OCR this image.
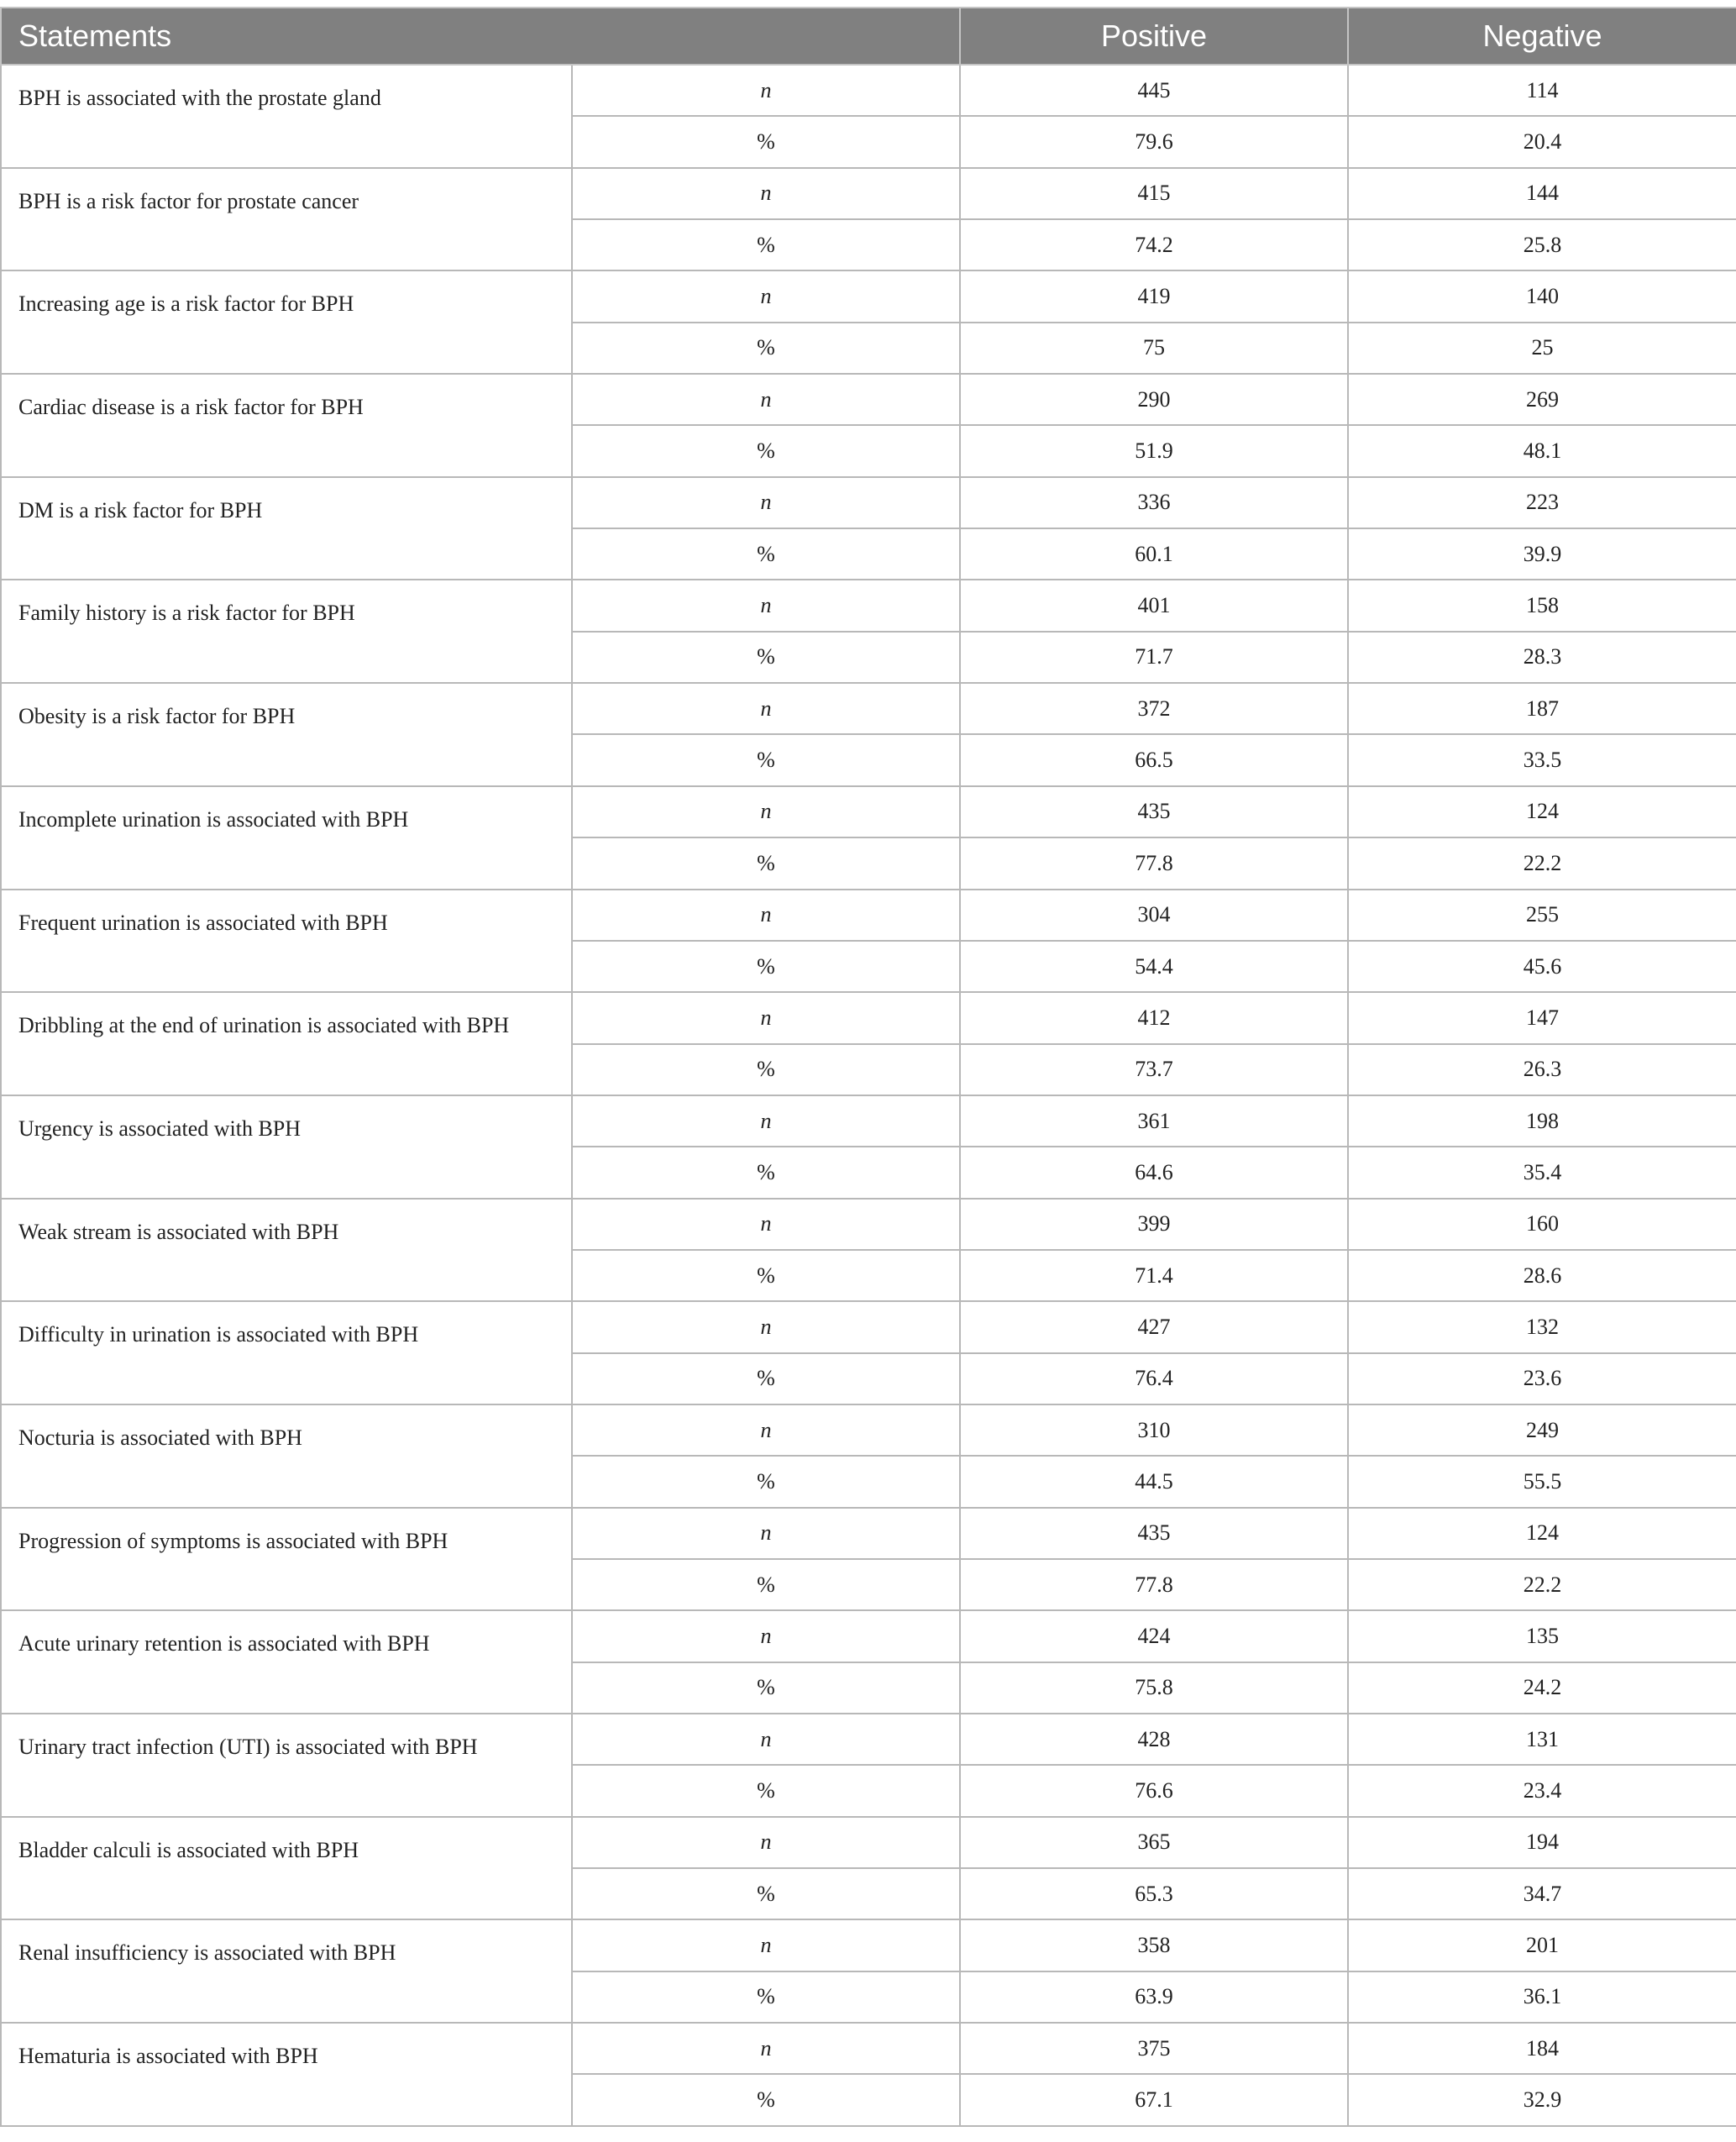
Statements		Positive	Negative
BPH is associated with the prostate gland	n	445	114
	%	79.6	20.4
BPH is a risk factor for prostate cancer	n	415	144
	%	74.2	25.8
Increasing age is a risk factor for BPH	n	419	140
	%	75	25
Cardiac disease is a risk factor for BPH	n	290	269
	%	51.9	48.1
DM is a risk factor for BPH	n	336	223
	%	60.1	39.9
Family history is a risk factor for BPH	n	401	158
	%	71.7	28.3
Obesity is a risk factor for BPH	n	372	187
	%	66.5	33.5
Incomplete urination is associated with BPH	n	435	124
	%	77.8	22.2
Frequent urination is associated with BPH	n	304	255
	%	54.4	45.6
Dribbling at the end of urination is associated with BPH	n	412	147
	%	73.7	26.3
Urgency is associated with BPH	n	361	198
	%	64.6	35.4
Weak stream is associated with BPH	n	399	160
	%	71.4	28.6
Difficulty in urination is associated with BPH	n	427	132
	%	76.4	23.6
Nocturia is associated with BPH	n	310	249
	%	44.5	55.5
Progression of symptoms is associated with BPH	n	435	124
	%	77.8	22.2
Acute urinary retention is associated with BPH	n	424	135
	%	75.8	24.2
Urinary tract infection (UTI) is associated with BPH	n	428	131
	%	76.6	23.4
Bladder calculi is associated with BPH	n	365	194
	%	65.3	34.7
Renal insufficiency is associated with BPH	n	358	201
	%	63.9	36.1
Hematuria is associated with BPH	n	375	184
	%	67.1	32.9
